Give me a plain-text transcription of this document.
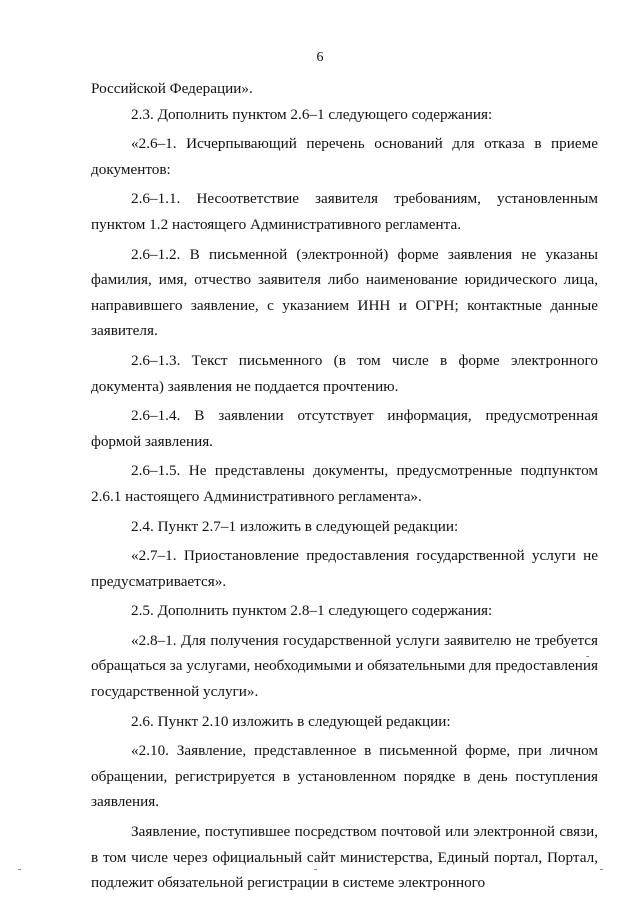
6

Российской Федерации».

2.3. Дополнить пунктом 2.6–1 следующего содержания:

«2.6–1. Исчерпывающий перечень оснований для отказа в приеме документов:

2.6–1.1. Несоответствие заявителя требованиям, установленным пунктом 1.2 настоящего Административного регламента.

2.6–1.2. В письменной (электронной) форме заявления не указаны фамилия, имя, отчество заявителя либо наименование юридического лица, направившего заявление, с указанием ИНН и ОГРН; контактные данные заявителя.

2.6–1.3. Текст письменного (в том числе в форме электронного документа) заявления не поддается прочтению.

2.6–1.4. В заявлении отсутствует информация, предусмотренная формой заявления.

2.6–1.5. Не представлены документы, предусмотренные подпунктом 2.6.1 настоящего Административного регламента».

2.4. Пункт 2.7–1 изложить в следующей редакции:

«2.7–1. Приостановление предоставления государственной услуги не предусматривается».

2.5. Дополнить пунктом 2.8–1 следующего содержания:

«2.8–1. Для получения государственной услуги заявителю не требуется обращаться за услугами, необходимыми и обязательными для предоставления государственной услуги».

2.6. Пункт 2.10 изложить в следующей редакции:

«2.10. Заявление, представленное в письменной форме, при личном обращении, регистрируется в установленном порядке в день поступления заявления.

Заявление, поступившее посредством почтовой или электронной связи, в том числе через официальный сайт министерства, Единый портал, Портал, подлежит обязательной регистрации в системе электронного
